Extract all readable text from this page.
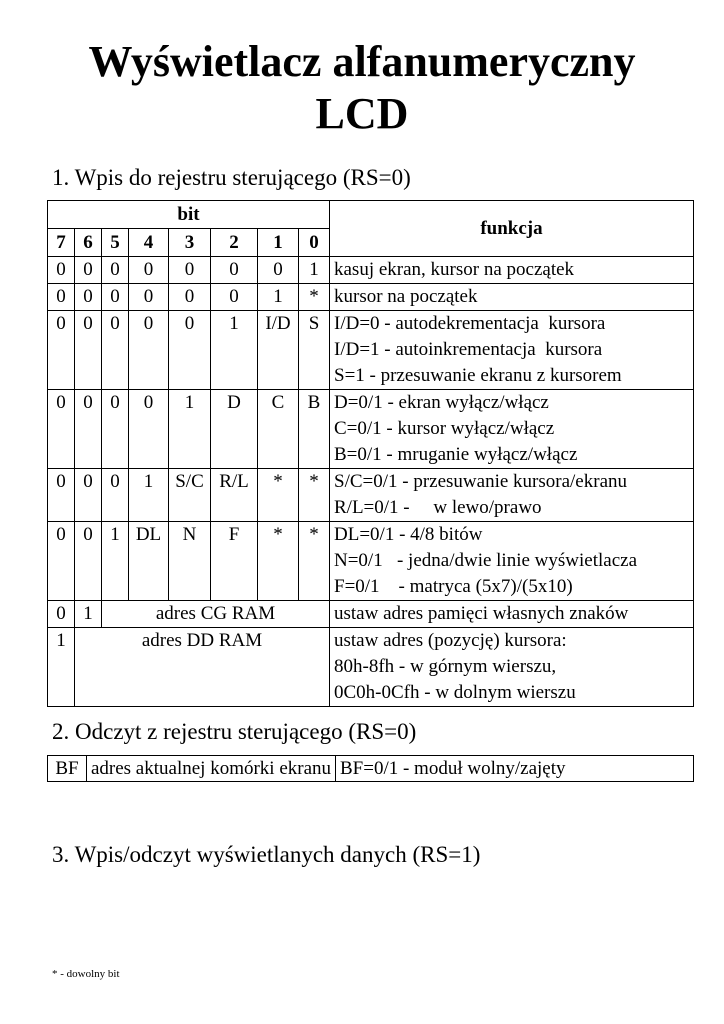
Wyświetlacz alfanumeryczny
LCD
1. Wpis do rejestru sterującego (RS=0)
bit								funkcja
7	6	5	4	3	2	1	0	
0	0	0	0	0	0	0	1	kasuj ekran, kursor na początek

0	0	0	0	0	0	1	*	kursor na początek

0	0	0	0	0	1	I/D	S	I/D=0 - autodekrementacja  kursora
I/D=1 - autoinkrementacja  kursora
S=1 - przesuwanie ekranu z kursorem

0	0	0	0	1	D	C	B	D=0/1 - ekran wyłącz/włącz
C=0/1 - kursor wyłącz/włącz
B=0/1 - mruganie wyłącz/włącz

0	0	0	1	S/C	R/L	*	*	S/C=0/1 - przesuwanie kursora/ekranu
R/L=0/1 -     w lewo/prawo

0	0	1	DL	N	F	*	*	DL=0/1 - 4/8 bitów
N=0/1   - jedna/dwie linie wyświetlacza
F=0/1    - matryca (5x7)/(5x10)

0	1	adres CG RAM						ustaw adres pamięci własnych znaków
1	adres DD RAM							ustaw adres (pozycję) kursora:
80h-8fh - w górnym wierszu,
0C0h-0Cfh - w dolnym wierszu
2. Odczyt z rejestru sterującego (RS=0)
BF	adres aktualnej komórki ekranu	BF=0/1 - moduł wolny/zajęty
3. Wpis/odczyt wyświetlanych danych (RS=1)
* - dowolny bit
